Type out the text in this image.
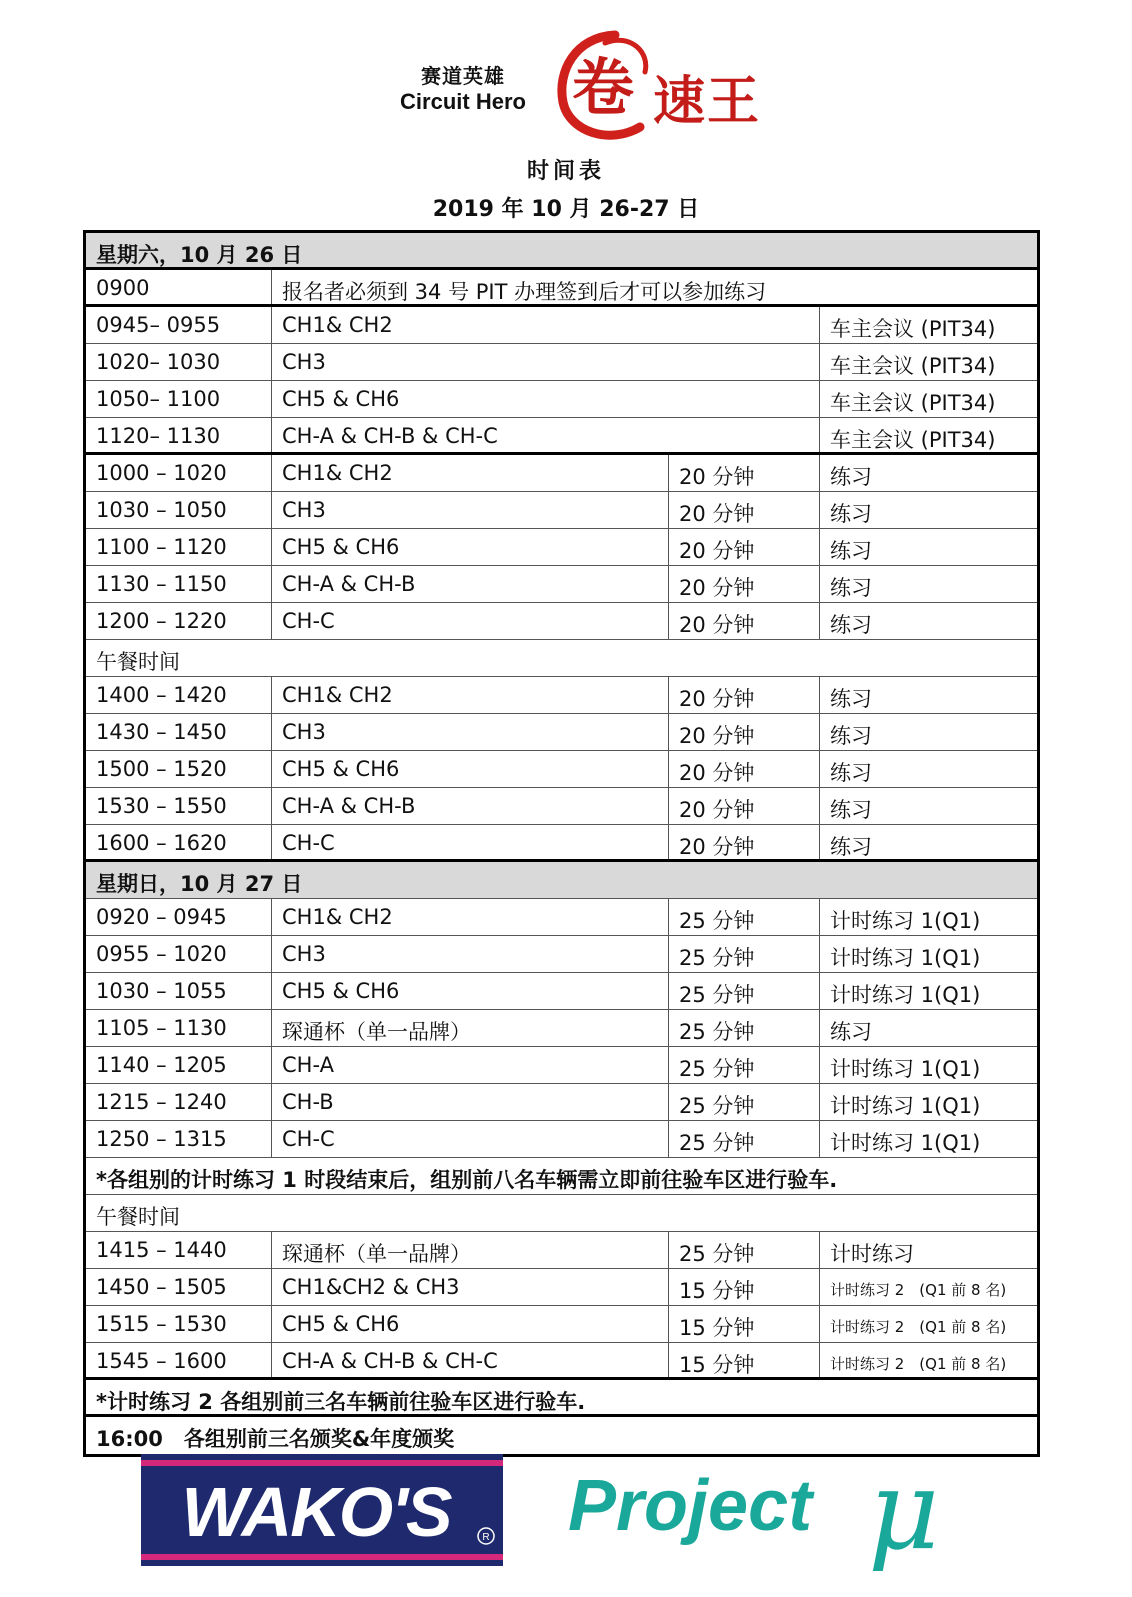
赛道英雄
Circuit Hero 卷 速 王
时间表
2019 年 10 月 26-27 日
星期六，10 月 26 日
0900	报名者必须到 34 号 PIT 办理签到后才可以参加练习
0945– 0955	CH1& CH2	车主会议 (PIT34)
1020– 1030	CH3	车主会议 (PIT34)
1050– 1100	CH5 & CH6	车主会议 (PIT34)
1120– 1130	CH-A & CH-B & CH-C	车主会议 (PIT34)
1000 – 1020	CH1& CH2	20 分钟	练习
1030 – 1050	CH3	20 分钟	练习
1100 – 1120	CH5 & CH6	20 分钟	练习
1130 – 1150	CH-A & CH-B	20 分钟	练习
1200 – 1220	CH-C	20 分钟	练习
午餐时间
1400 – 1420	CH1& CH2	20 分钟	练习
1430 – 1450	CH3	20 分钟	练习
1500 – 1520	CH5 & CH6	20 分钟	练习
1530 – 1550	CH-A & CH-B	20 分钟	练习
1600 – 1620	CH-C	20 分钟	练习
星期日，10 月 27 日
0920 – 0945	CH1& CH2	25 分钟	计时练习 1(Q1)
0955 – 1020	CH3	25 分钟	计时练习 1(Q1)
1030 – 1055	CH5 & CH6	25 分钟	计时练习 1(Q1)
1105 – 1130	琛通杯（单一品牌）	25 分钟	练习
1140 – 1205	CH-A	25 分钟	计时练习 1(Q1)
1215 – 1240	CH-B	25 分钟	计时练习 1(Q1)
1250 – 1315	CH-C	25 分钟	计时练习 1(Q1)
*各组别的计时练习 1 时段结束后，组别前八名车辆需立即前往验车区进行验车.
午餐时间
1415 – 1440	琛通杯（单一品牌）	25 分钟	计时练习
1450 – 1505	CH1&CH2 & CH3	15 分钟	计时练习 2　(Q1 前 8 名)
1515 – 1530	CH5 & CH6	15 分钟	计时练习 2　(Q1 前 8 名)
1545 – 1600	CH-A & CH-B & CH-C	15 分钟	计时练习 2　(Q1 前 8 名)
*计时练习 2 各组别前三名车辆前往验车区进行验车.
16:00　各组别前三名颁奖&年度颁奖
WAKO'S	R Project μ
